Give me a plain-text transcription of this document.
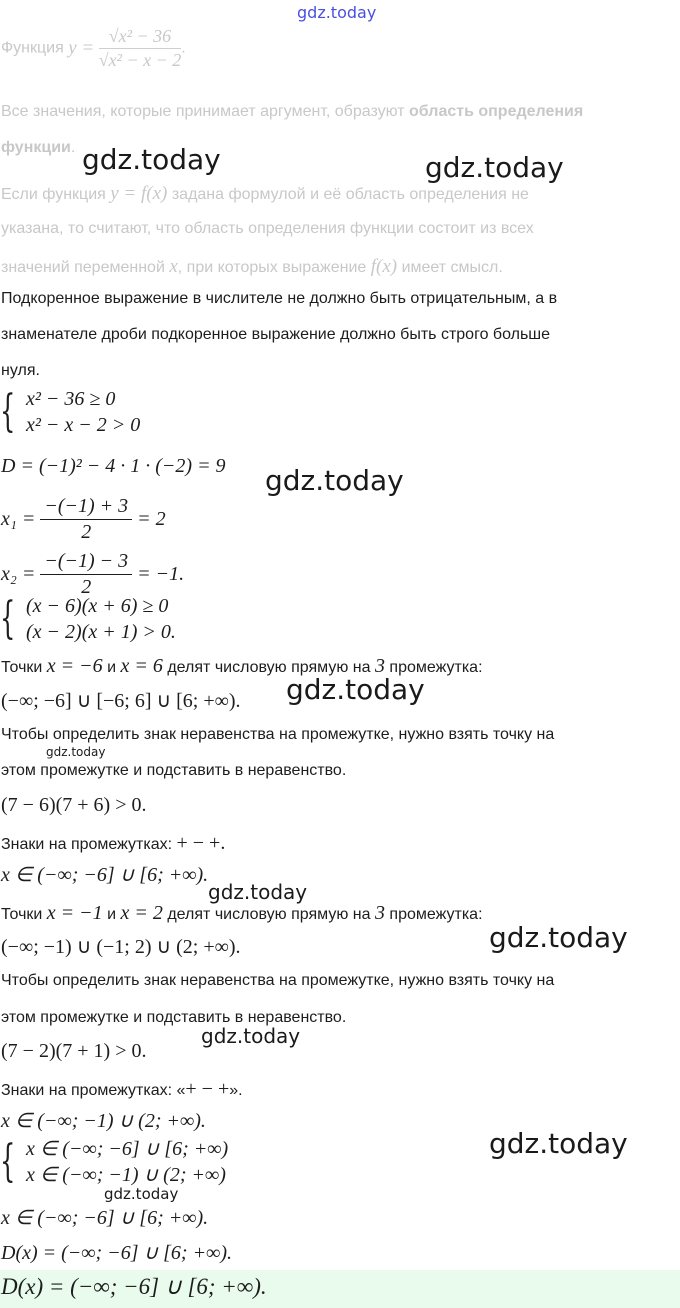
Функция $y = \frac{\text{√x² − 36}}{\text{√x² − x − 2}}$ .
Все значения, которые принимает аргумент, образуют область определения
функции.
Если функция y = f(x) задана формулой и её область определения не
указана, то считают, что область определения функции состоит из всех
значений переменной x, при которых выражение f(x) имеет смысл.
Подкоренное выражение в числителе не должно быть отрицательным, а в
знаменателе дроби подкоренное выражение должно быть строго больше
нуля.
{ x² − 36 ≥ 0
x² − x − 2 > 0
D = (−1)² − 4 · 1 · (−2) = 9
$x_1 = \frac{-(-1) + 3}{2} = 2$
$x_2 = \frac{-(-1) - 3}{2} = -1$.
{ (x − 6)(x + 6) ≥ 0
(x − 2)(x + 1) > 0.
Точки x = −6 и x = 6 делят числовую прямую на 3 промежутка:
(−∞; −6] ∪ [−6; 6] ∪ [6; +∞).
Чтобы определить знак неравенства на промежутке, нужно взять точку на
этом промежутке и подставить в неравенство.
(7 − 6)(7 + 6) > 0.
Знаки на промежутках: + − +.
x ∈ (−∞; −6] ∪ [6; +∞).
Точки x = −1 и x = 2 делят числовую прямую на 3 промежутка:
(−∞; −1) ∪ (−1; 2) ∪ (2; +∞).
Чтобы определить знак неравенства на промежутке, нужно взять точку на
этом промежутке и подставить в неравенство.
(7 − 2)(7 + 1) > 0.
Знаки на промежутках: «+ − +».
x ∈ (−∞; −1) ∪ (2; +∞).
{ x ∈ (−∞; −6] ∪ [6; +∞)
x ∈ (−∞; −1) ∪ (2; +∞)
x ∈ (−∞; −6] ∪ [6; +∞).
D(x) = (−∞; −6] ∪ [6; +∞).
D(x) = (−∞; −6] ∪ [6; +∞).
gdz.today
gdz.today	gdz.today
gdz.today
gdz.today
gdz.today
gdz.today
gdz.today
gdz.today
gdz.today
gdz.today
